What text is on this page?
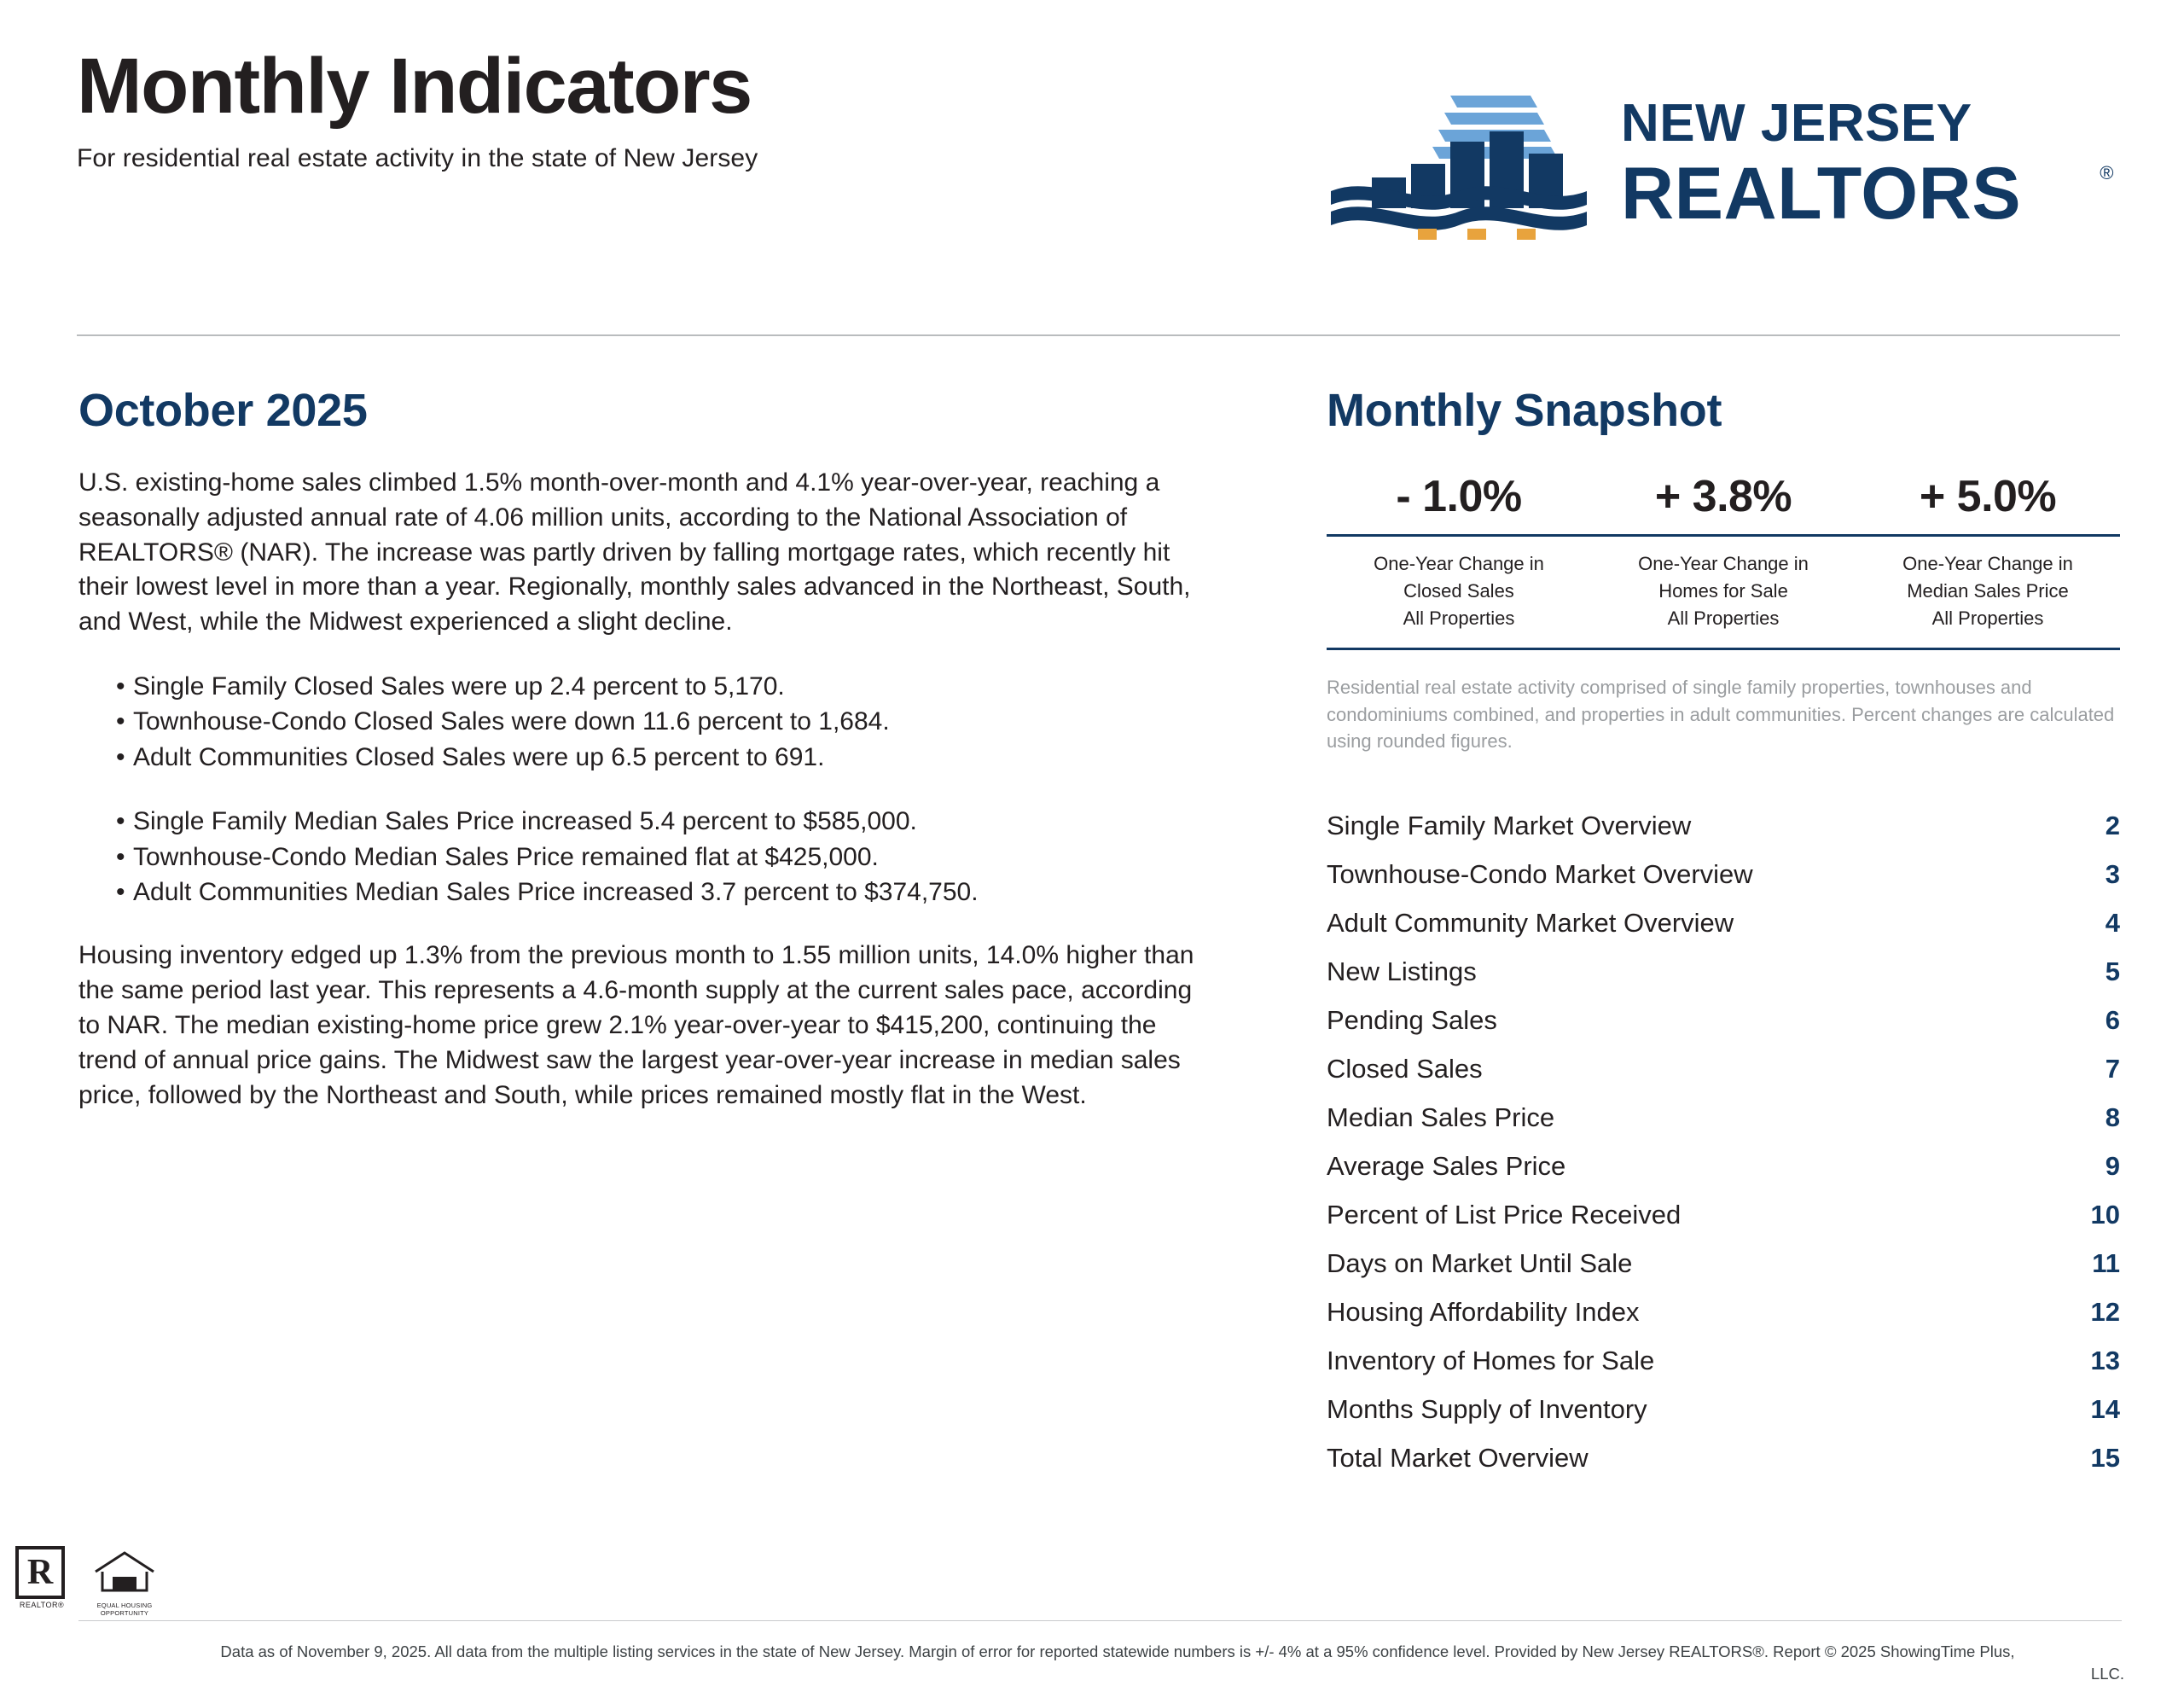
Monthly Indicators
For residential real estate activity in the state of New Jersey
NEW JERSEY
REALTORS	®
October 2025

U.S. existing-home sales climbed 1.5% month-over-month and 4.1% year-over-year, reaching a seasonally adjusted annual rate of 4.06 million units, according to the National Association of REALTORS® (NAR). The increase was partly driven by falling mortgage rates, which recently hit their lowest level in more than a year. Regionally, monthly sales advanced in the Northeast, South, and West, while the Midwest experienced a slight decline.

• Single Family Closed Sales were up 2.4 percent to 5,170.
• Townhouse-Condo Closed Sales were down 11.6 percent to 1,684.
• Adult Communities Closed Sales were up 6.5 percent to 691.
• Single Family Median Sales Price increased 5.4 percent to $585,000.
• Townhouse-Condo Median Sales Price remained flat at $425,000.
• Adult Communities Median Sales Price increased 3.7 percent to $374,750.

Housing inventory edged up 1.3% from the previous month to 1.55 million units, 14.0% higher than the same period last year. This represents a 4.6-month supply at the current sales pace, according to NAR. The median existing-home price grew 2.1% year-over-year to $415,200, continuing the trend of annual price gains. The Midwest saw the largest year-over-year increase in median sales price, followed by the Northeast and South, while prices remained mostly flat in the West.

Monthly Snapshot
- 1.0%	+ 3.8%	+ 5.0%
One-Year Change in
Closed Sales
All Properties
One-Year Change in
Homes for Sale
All Properties
One-Year Change in
Median Sales Price
All Properties

Residential real estate activity comprised of single family properties, townhouses and condominiums combined, and properties in adult communities. Percent changes are calculated using rounded figures.

Single Family Market Overview	2
Townhouse-Condo Market Overview	3
Adult Community Market Overview	4
New Listings	5
Pending Sales	6
Closed Sales	7
Median Sales Price	8
Average Sales Price	9
Percent of List Price Received	10
Days on Market Until Sale	11
Housing Affordability Index	12
Inventory of Homes for Sale	13
Months Supply of Inventory	14
Total Market Overview	15
R
REALTOR®	EQUAL HOUSING
OPPORTUNITY
Data as of November 9, 2025. All data from the multiple listing services in the state of New Jersey. Margin of error for reported statewide numbers is +/- 4% at a 95% confidence level. Provided by New Jersey REALTORS®. Report © 2025 ShowingTime Plus,
LLC.
